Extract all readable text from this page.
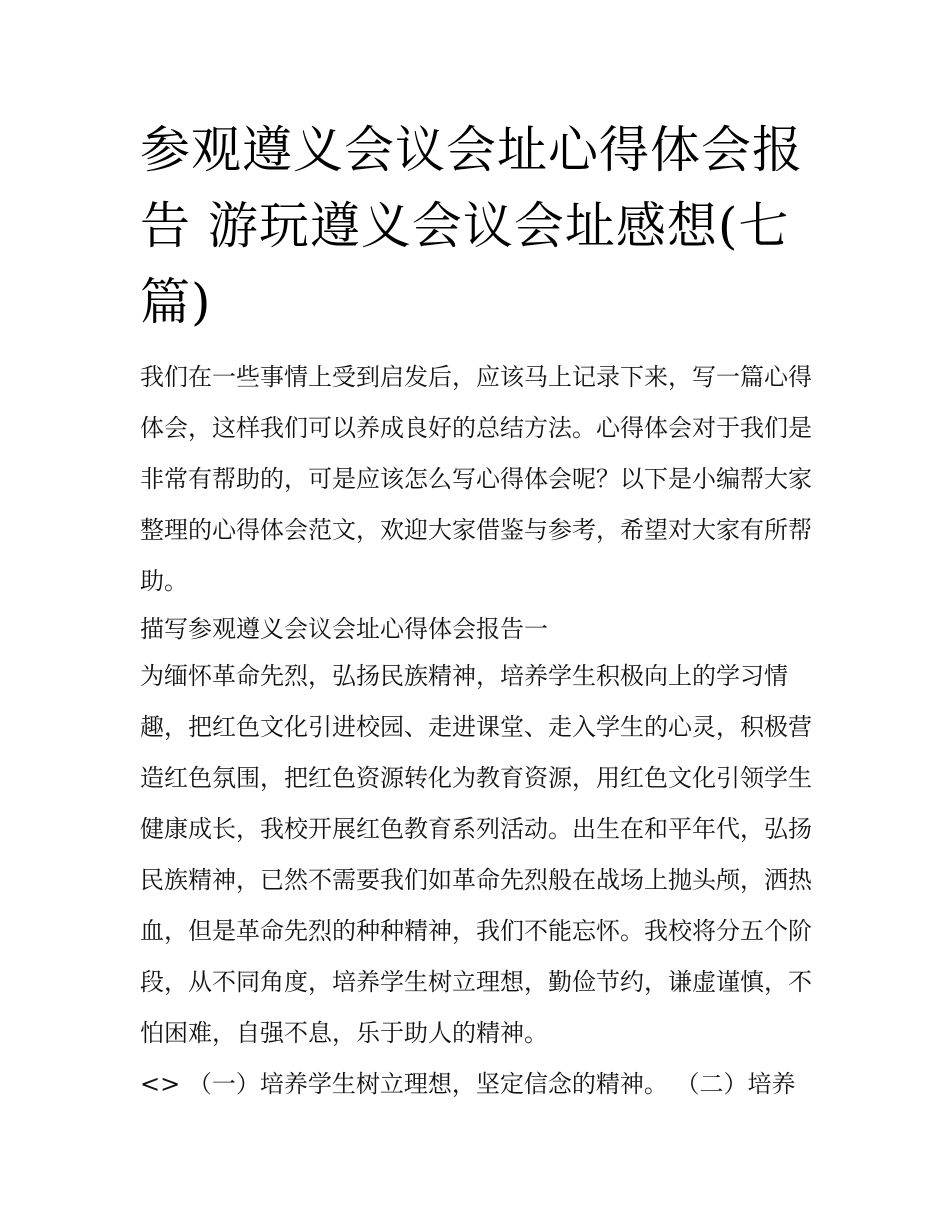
参观遵义会议会址心得体会报告 游玩遵义会议会址感想(七篇)

我们在一些事情上受到启发后，应该马上记录下来，写一篇心得体会，这样我们可以养成良好的总结方法。心得体会对于我们是非常有帮助的，可是应该怎么写心得体会呢？以下是小编帮大家整理的心得体会范文，欢迎大家借鉴与参考，希望对大家有所帮助。

描写参观遵义会议会址心得体会报告一

为缅怀革命先烈，弘扬民族精神，培养学生积极向上的学习情趣，把红色文化引进校园、走进课堂、走入学生的心灵，积极营造红色氛围，把红色资源转化为教育资源，用红色文化引领学生健康成长，我校开展红色教育系列活动。出生在和平年代，弘扬民族精神，已然不需要我们如革命先烈般在战场上抛头颅，洒热血，但是革命先烈的种种精神，我们不能忘怀。我校将分五个阶段，从不同角度，培养学生树立理想，勤俭节约，谦虚谨慎，不怕困难，自强不息，乐于助人的精神。

<> （一）培养学生树立理想，坚定信念的精神。 （二）培养
